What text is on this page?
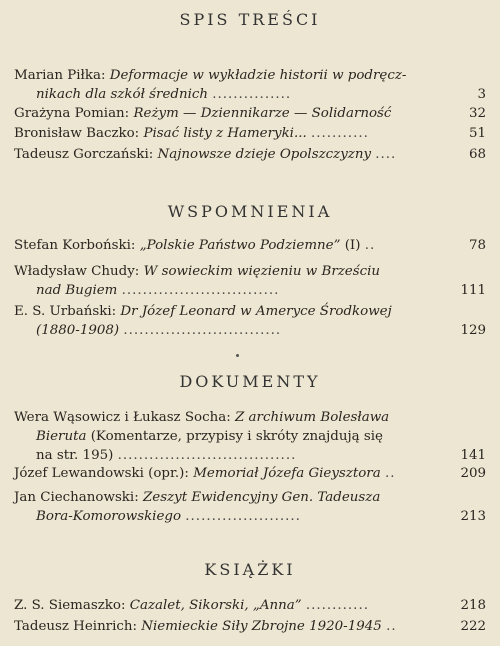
SPIS TREŚCI
Marian Piłka: Deformacje w wykładzie historii w podręcz-
nikach dla szkół średnich ...............	3
Grażyna Pomian: Reżym — Dziennikarze — Solidarność	32
Bronisław Baczko: Pisać listy z Hameryki... ...........	51
Tadeusz Gorczański: Najnowsze dzieje Opolszczyzny ....	68
WSPOMNIENIA
Stefan Korboński: „Polskie Państwo Podziemne” (I) ..	78
Władysław Chudy: W sowieckim więzieniu w Brześciu
nad Bugiem ..............................	111
E. S. Urbański: Dr Józef Leonard w Ameryce Środkowej
(1880-1908) ..............................	129
DOKUMENTY
Wera Wąsowicz i Łukasz Socha: Z archiwum Bolesława
Bieruta (Komentarze, przypisy i skróty znajdują się
na str. 195) ..................................	141
Józef Lewandowski (opr.): Memoriał Józefa Gieysztora ..	209
Jan Ciechanowski: Zeszyt Ewidencyjny Gen. Tadeusza
Bora-Komorowskiego ......................	213
KSIĄŻKI
Z. S. Siemaszko: Cazalet, Sikorski, „Anna” ............	218
Tadeusz Heinrich: Niemieckie Siły Zbrojne 1920-1945 ..	222
